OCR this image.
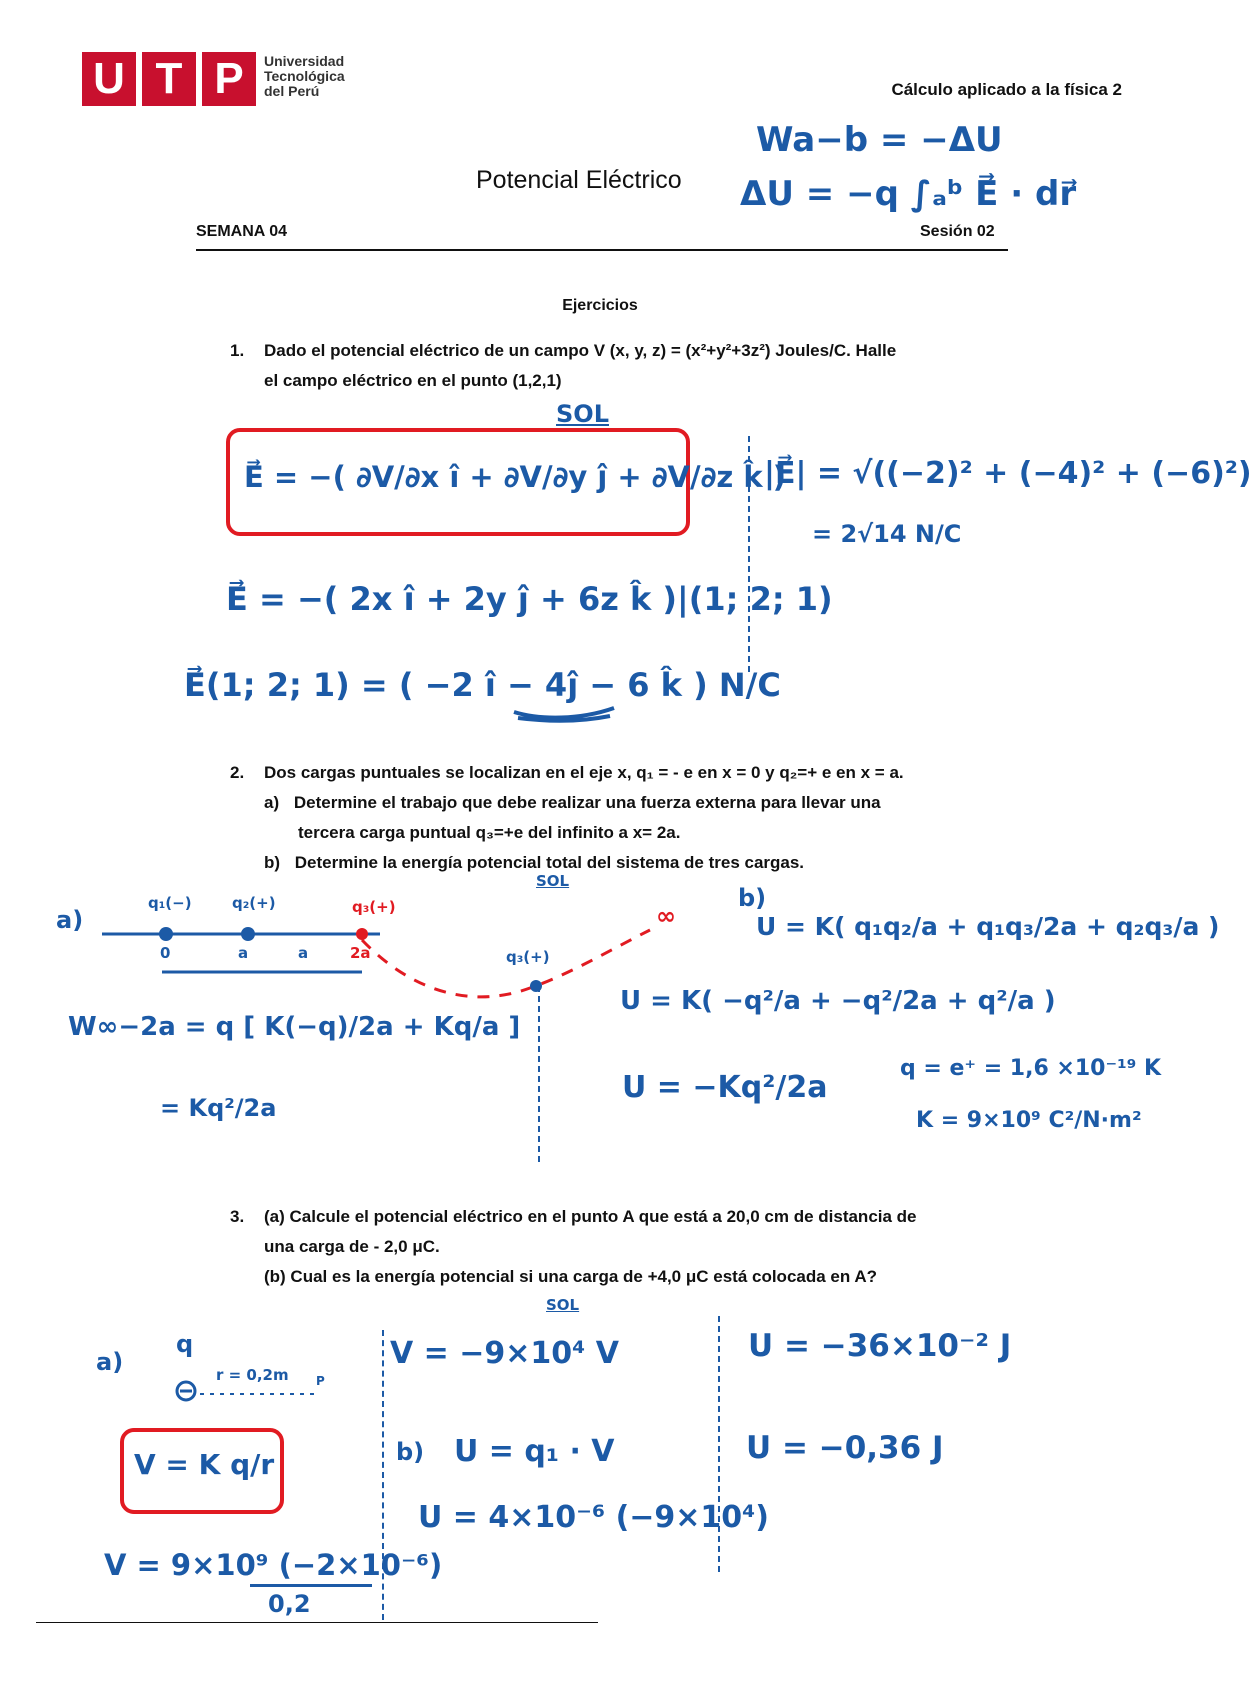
U T P	Universidad
Tecnológica
del Perú	Cálculo aplicado a la física 2
Potencial Eléctrico
SEMANA 04	Sesión 02
Wa−b = −ΔU
ΔU = −q ∫ₐᵇ E⃗ · dr⃗
Ejercicios
1. Dado el potencial eléctrico de un campo V (x, y, z) = (x²+y²+3z²) Joules/C. Halle
el campo eléctrico en el punto (1,2,1)
SOL
E⃗ = −( ∂V/∂x î + ∂V/∂y ĵ + ∂V/∂z k̂ )
E⃗ = −( 2x î + 2y ĵ + 6z k̂ )|(1; 2; 1)
E⃗(1; 2; 1) = ( −2 î − 4ĵ − 6 k̂ ) N/C
|E⃗| = √((−2)² + (−4)² + (−6)²)
= 2√14 N/C
2. Dos cargas puntuales se localizan en el eje x, q₁ = - e en x = 0 y q₂=+ e en x = a.
a) Determine el trabajo que debe realizar una fuerza externa para llevar una
tercera carga puntual q₃=+e del infinito a x= 2a.
b) Determine la energía potencial total del sistema de tres cargas.
a)
q₁(−)	q₂(+)	q₃(+)
0	a	a	2a	q₃(+)
SOL
∞
W∞−2a = q [ K(−q)/2a + Kq/a ]
= Kq²/2a
b)
U = K( q₁q₂/a + q₁q₃/2a + q₂q₃/a )
U = K( −q²/a + −q²/2a + q²/a )
U = −Kq²/2a
q = e⁺ = 1,6 ×10⁻¹⁹ K
K = 9×10⁹ C²/N·m²
3. (a) Calcule el potencial eléctrico en el punto A que está a 20,0 cm de distancia de
una carga de - 2,0 μC.
(b) Cual es la energía potencial si una carga de +4,0 μC está colocada en A?
a)
q
r = 0,2m P
V = K q/r
V = 9×10⁹ (−2×10⁻⁶)
0,2
SOL
V = −9×10⁴ V
b) U = q₁ · V
U = 4×10⁻⁶ (−9×10⁴)
U = −36×10⁻² J
U = −0,36 J
